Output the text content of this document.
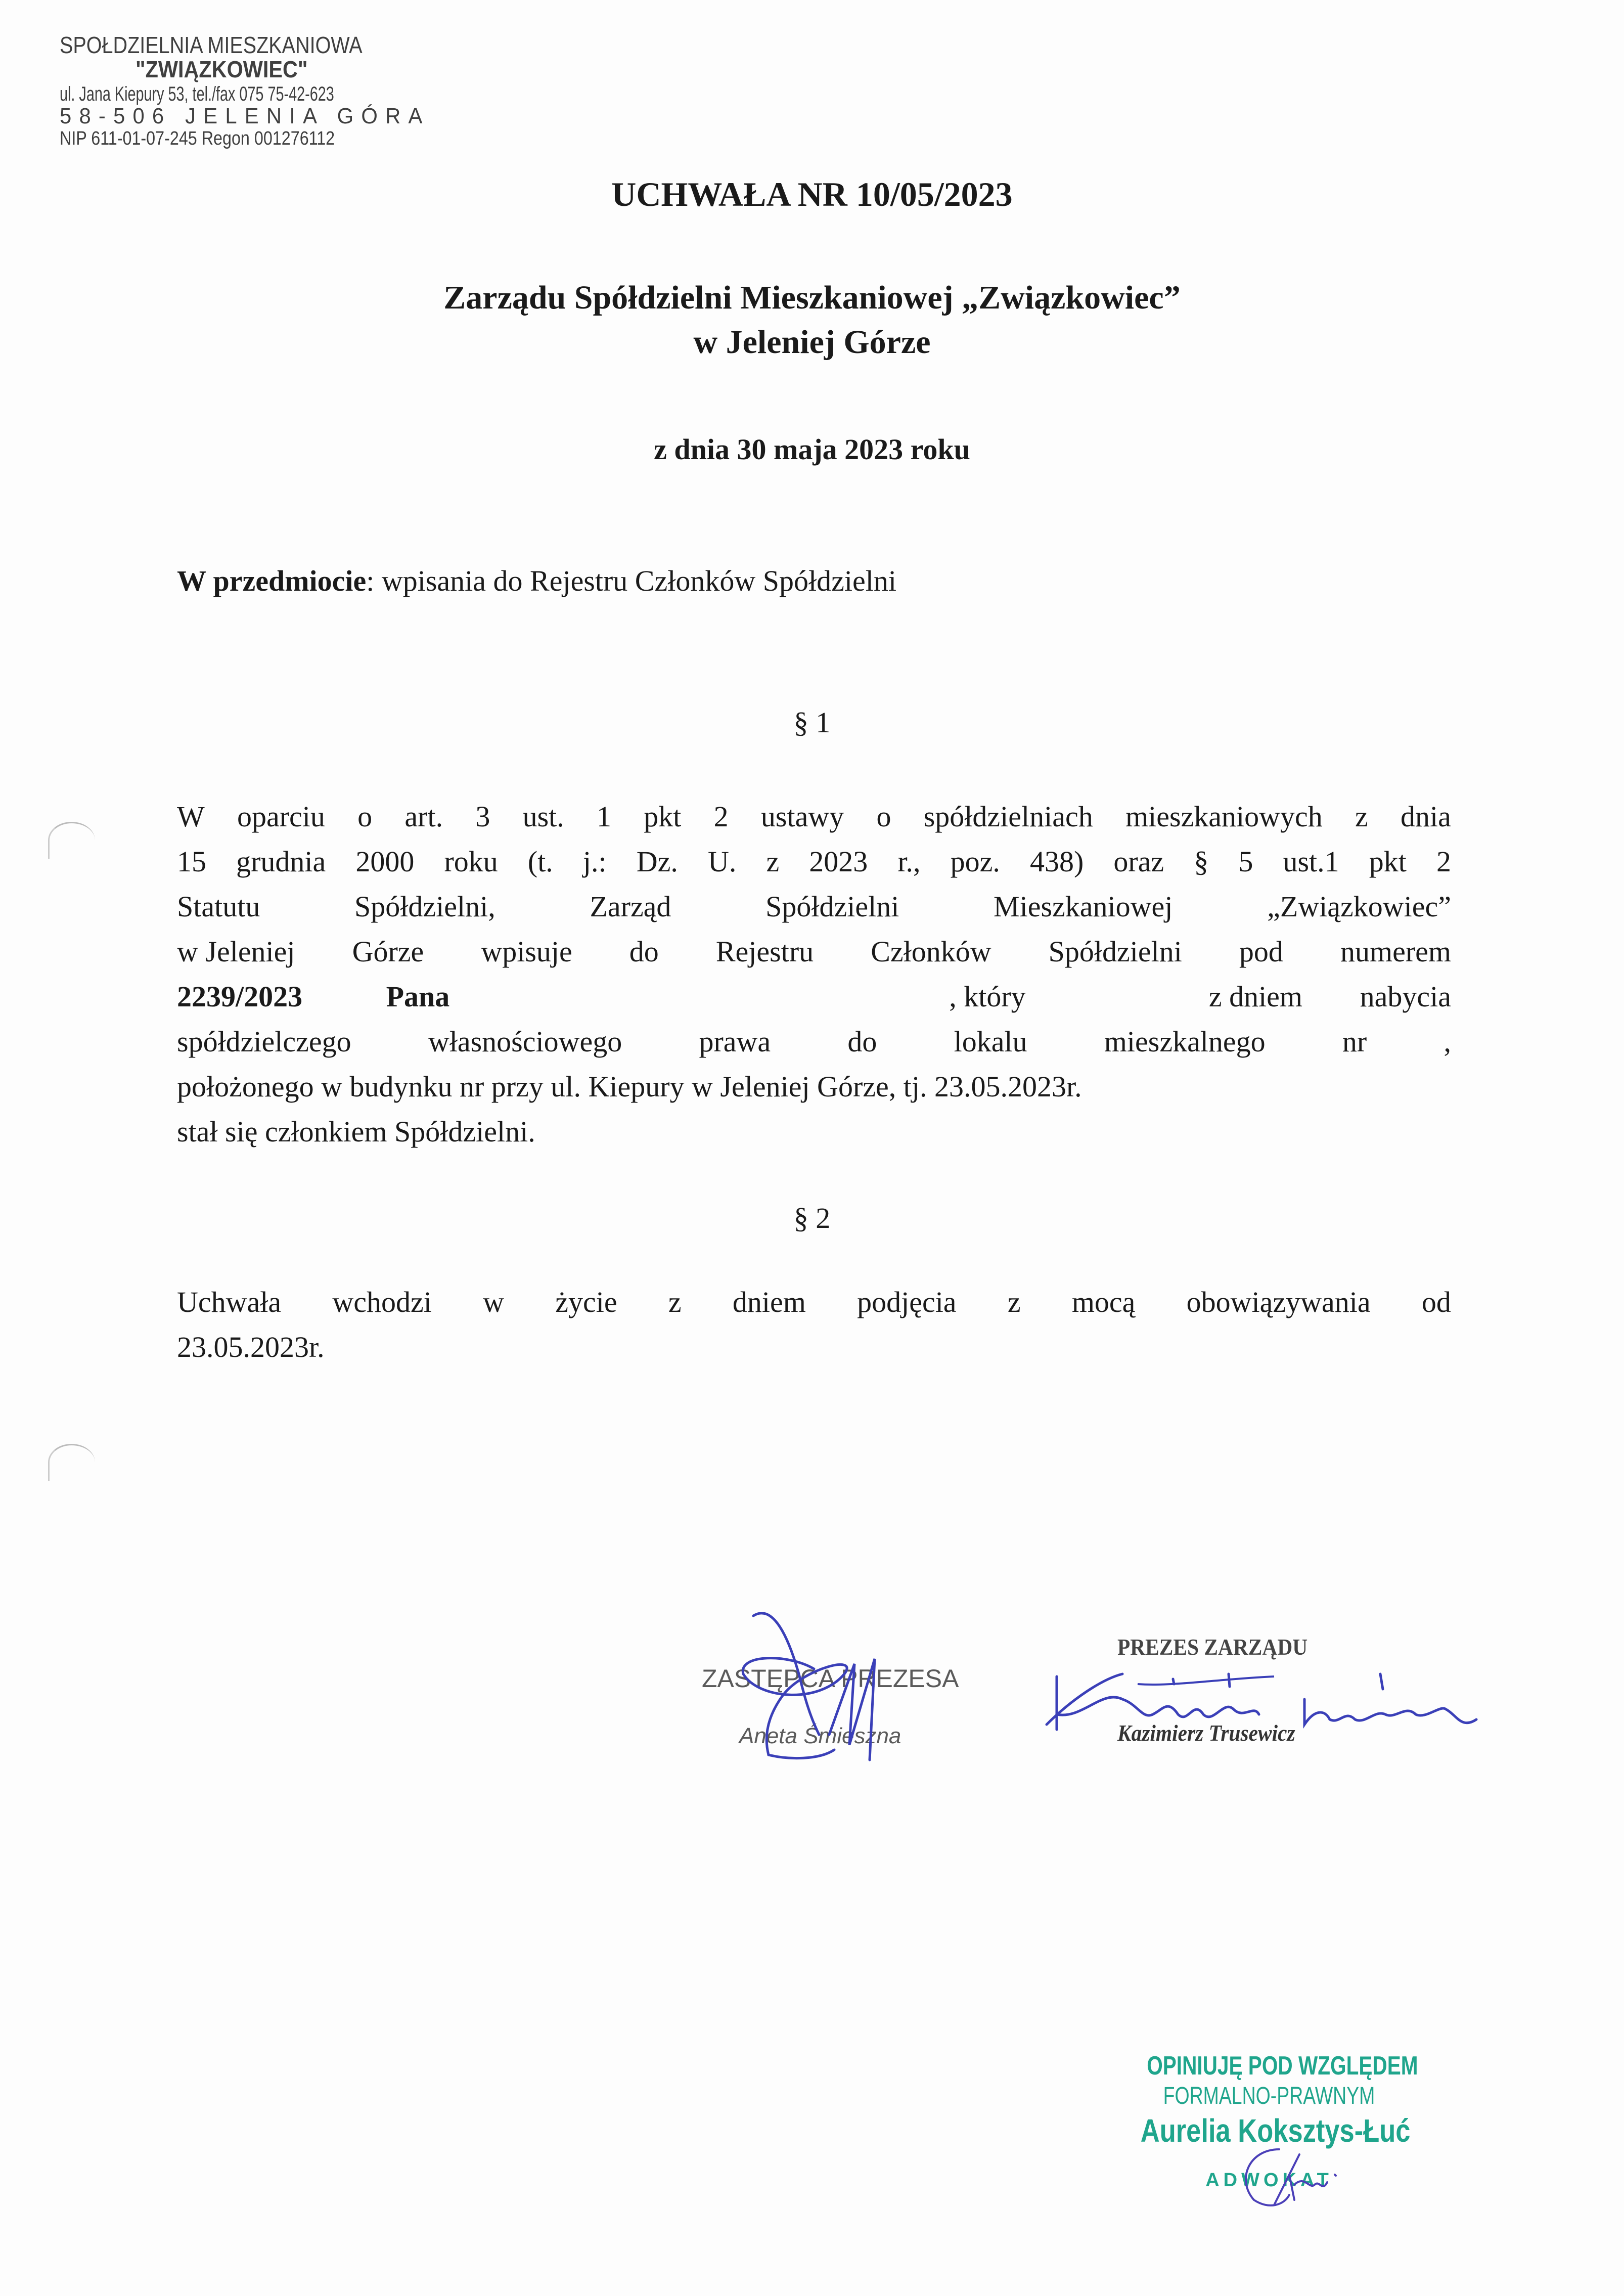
SPOŁDZIELNIA MIESZKANIOWA
"ZWIĄZKOWIEC"
ul. Jana Kiepury 53, tel./fax 075 75-42-623
58-506 JELENIA GÓRA
NIP 611-01-07-245 Regon 001276112
UCHWAŁA NR 10/05/2023
Zarządu Spółdzielni Mieszkaniowej „Związkowiec”
w Jeleniej Górze
z dnia 30 maja 2023 roku
W przedmiocie: wpisania do Rejestru Członków Spółdzielni
§ 1
W oparciu o art. 3 ust. 1 pkt 2 ustawy o spółdzielniach mieszkaniowych z dnia
15 grudnia 2000 roku (t. j.: Dz. U. z 2023 r., poz. 438) oraz § 5 ust.1 pkt 2
Statutu	Spółdzielni,	Zarząd	Spółdzielni	Mieszkaniowej	„Związkowiec”
w Jeleniej Górze wpisuje do Rejestru Członków Spółdzielni pod numerem
2239/2023	Pana	, który	z dniem nabycia
spółdzielczego	własnościowego	prawa	do	lokalu	mieszkalnego	nr	,
położonego w budynku nr przy ul. Kiepury w Jeleniej Górze, tj. 23.05.2023r.
stał się członkiem Spółdzielni.
§ 2
Uchwała wchodzi w życie z dniem podjęcia z mocą obowiązywania od
23.05.2023r.
ZASTĘPCA PREZESA
Aneta Śmieszna
PREZES ZARZĄDU
Kazimierz Trusewicz
OPINIUJĘ POD WZGLĘDEM
FORMALNO-PRAWNYM
Aurelia Koksztys-Łuć
ADWOKAT
